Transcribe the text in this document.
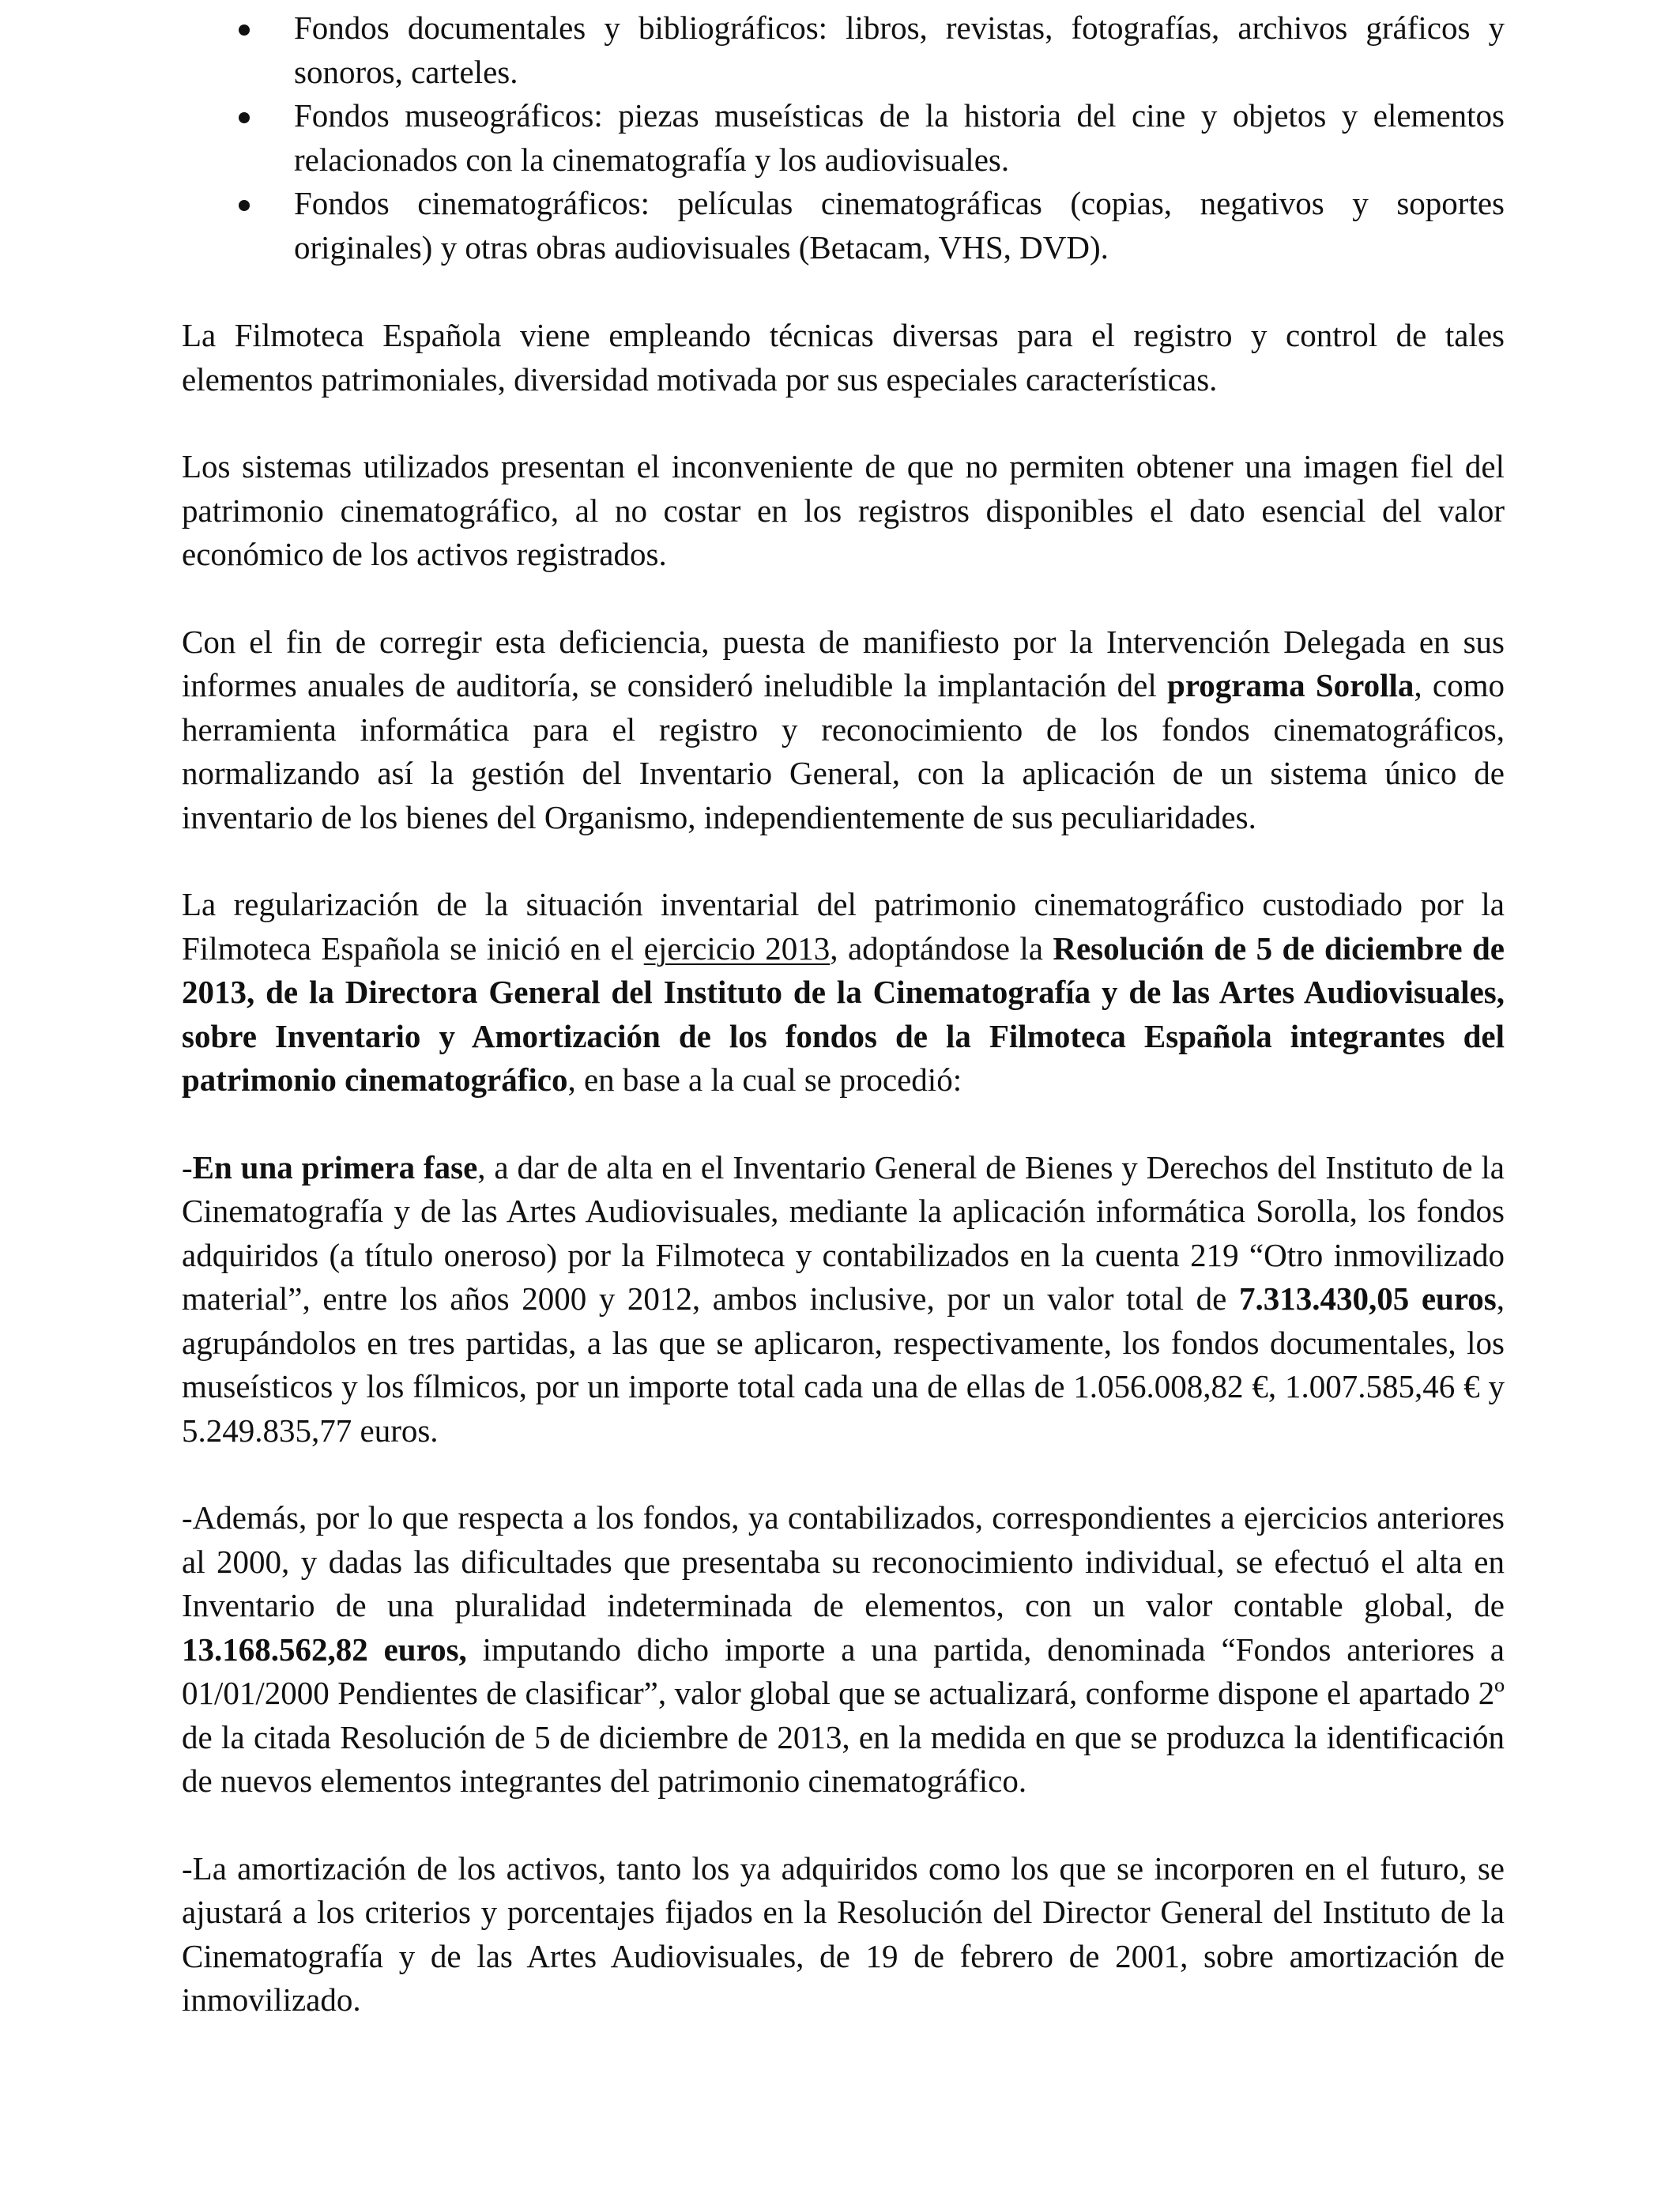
Fondos documentales y bibliográficos: libros, revistas, fotografías, archivos gráficos y sonoros, carteles.
Fondos museográficos: piezas museísticas de la historia del cine y objetos y elementos relacionados con la cinematografía y los audiovisuales.
Fondos cinematográficos: películas cinematográficas (copias, negativos y soportes originales) y otras obras audiovisuales (Betacam, VHS, DVD).

La Filmoteca Española viene empleando técnicas diversas para el registro y control de tales elementos patrimoniales, diversidad motivada por sus especiales características.

Los sistemas utilizados presentan el inconveniente de que no permiten obtener una imagen fiel del patrimonio cinematográfico, al no costar en los registros disponibles el dato esencial del valor económico de los activos registrados.

Con el fin de corregir esta deficiencia, puesta de manifiesto por la Intervención Delegada en sus informes anuales de auditoría, se consideró ineludible la implantación del programa Sorolla, como herramienta informática para el registro y reconocimiento de los fondos cinematográficos, normalizando así la gestión del Inventario General, con la aplicación de un sistema único de inventario de los bienes del Organismo, independientemente de sus peculiaridades.

La regularización de la situación inventarial del patrimonio cinematográfico custodiado por la Filmoteca Española se inició en el ejercicio 2013, adoptándose la Resolución de 5 de diciembre de 2013, de la Directora General del Instituto de la Cinematografía y de las Artes Audiovisuales, sobre Inventario y Amortización de los fondos de la Filmoteca Española integrantes del patrimonio cinematográfico, en base a la cual se procedió:

-En una primera fase, a dar de alta en el Inventario General de Bienes y Derechos del Instituto de la Cinematografía y de las Artes Audiovisuales, mediante la aplicación informática Sorolla, los fondos adquiridos (a título oneroso) por la Filmoteca y contabilizados en la cuenta 219 “Otro inmovilizado material”, entre los años 2000 y 2012, ambos inclusive, por un valor total de 7.313.430,05 euros, agrupándolos en tres partidas, a las que se aplicaron, respectivamente, los fondos documentales, los museísticos y los fílmicos, por un importe total cada una de ellas de 1.056.008,82 €, 1.007.585,46 € y 5.249.835,77 euros.

-Además, por lo que respecta a los fondos, ya contabilizados, correspondientes a ejercicios anteriores al 2000, y dadas las dificultades que presentaba su reconocimiento individual, se efectuó el alta en Inventario de una pluralidad indeterminada de elementos, con un valor contable global, de 13.168.562,82 euros, imputando dicho importe a una partida, denominada “Fondos anteriores a 01/01/2000 Pendientes de clasificar”, valor global que se actualizará, conforme dispone el apartado 2º de la citada Resolución de 5 de diciembre de 2013, en la medida en que se produzca la identificación de nuevos elementos integrantes del patrimonio cinematográfico.

-La amortización de los activos, tanto los ya adquiridos como los que se incorporen en el futuro, se ajustará a los criterios y porcentajes fijados en la Resolución del Director General del Instituto de la Cinematografía y de las Artes Audiovisuales, de 19 de febrero de 2001, sobre amortización de inmovilizado.
